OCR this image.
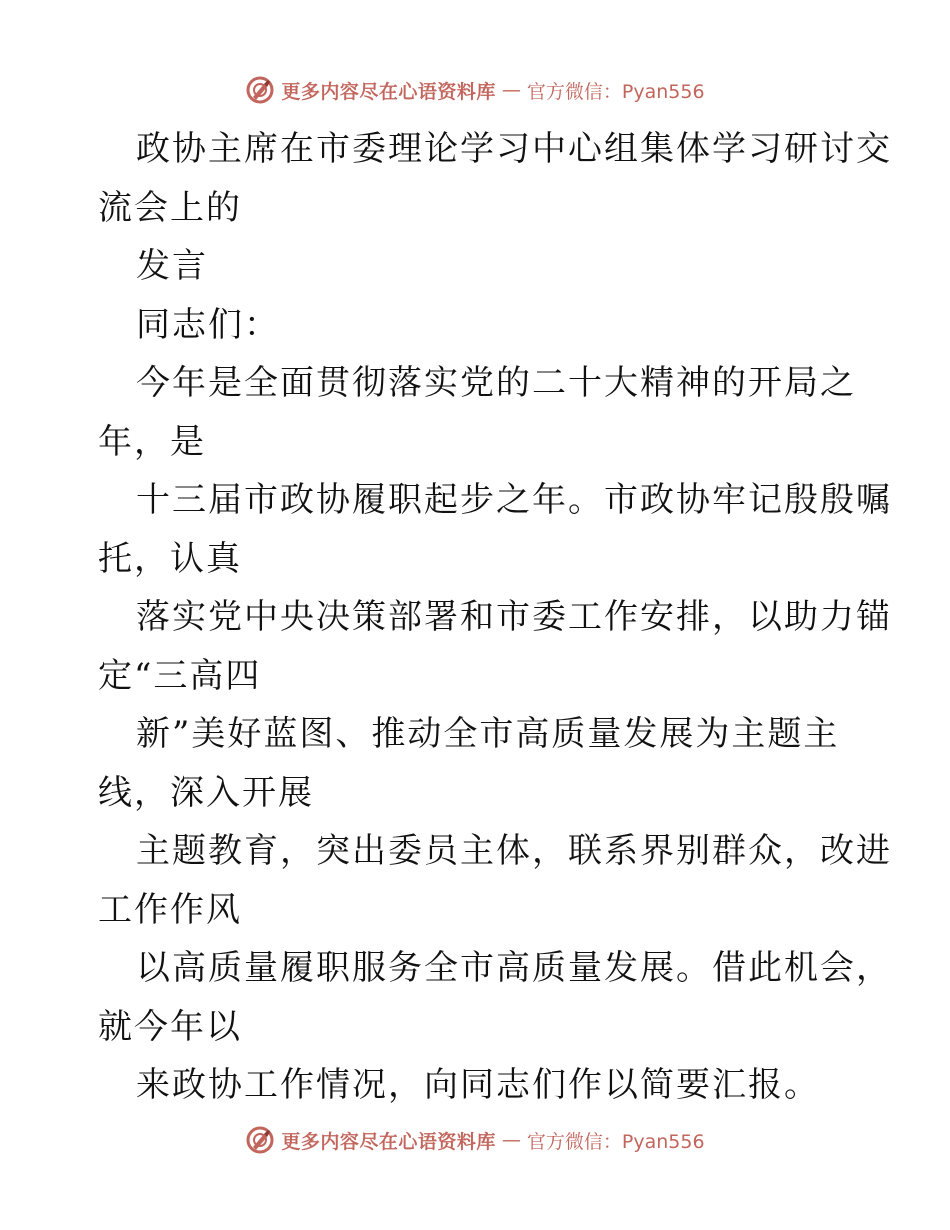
更多内容尽在心语资料库 — 官方微信：Pyan556
政协主席在市委理论学习中心组集体学习研讨交
流会上的
发言
同志们：
今年是全面贯彻落实党的二十大精神的开局之
年，是
十三届市政协履职起步之年。市政协牢记殷殷嘱
托，认真
落实党中央决策部署和市委工作安排，以助力锚
定“三高四
新”美好蓝图、推动全市高质量发展为主题主
线，深入开展
主题教育，突出委员主体，联系界别群众，改进
工作作风
以高质量履职服务全市高质量发展。借此机会，
就今年以
来政协工作情况，向同志们作以简要汇报。
更多内容尽在心语资料库 — 官方微信：Pyan556
